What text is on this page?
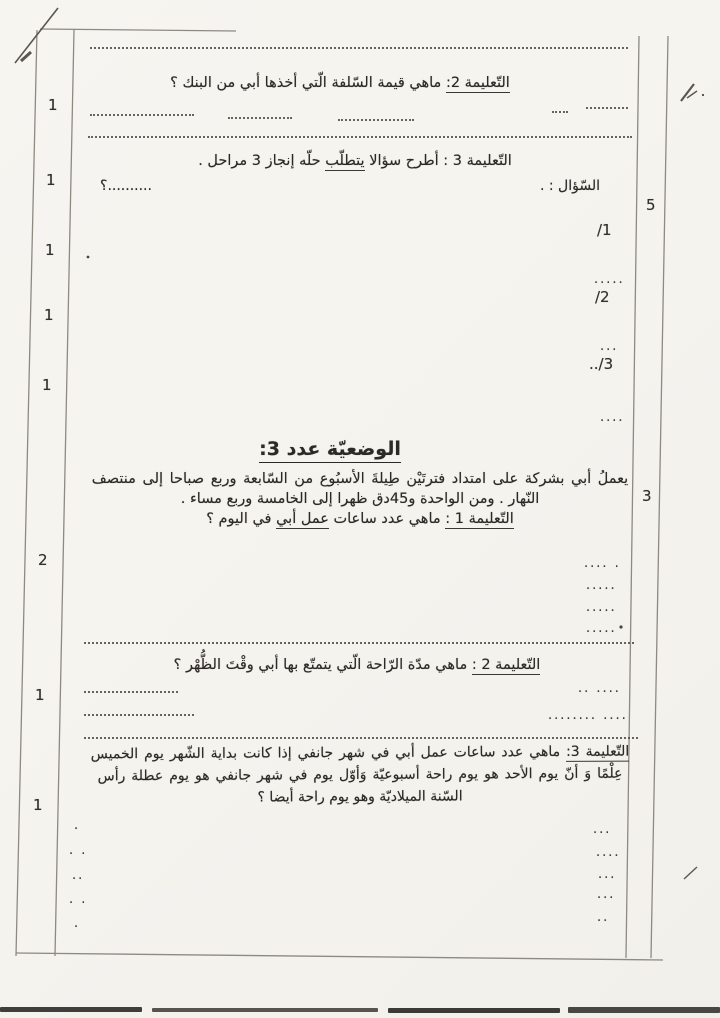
1
1
1
1
1
2
1
1
5
3
التّعليمة 2: ماهي قيمة السّلفة الّتي أخذها أبي من البنك ؟
التّعليمة 3 : أطرح سؤالا يتطلّب حلّه إنجاز 3 مراحل .
السّؤال : .
؟..........
/1
.....
/2
...
../3
....
الوضعيّة عدد 3:
يعملُ أبي بشركة على امتداد فترتَيْن طِيلةَ الأسبُوع من السّابعة وربع صباحا إلى منتصف
النّهار . ومن الواحدة و45دق ظهرا إلى الخامسة وربع مساء .
التّعليمة 1 : ماهي عدد ساعات عمل أبي في اليوم ؟
.... .
.....
.....
.....
التّعليمة 2 : ماهي مدّة الرّاحة الّتي يتمتّع بها أبي وقْتَ الظُّهْر ؟
.. ....
........ ....
التّعليمة 3: ماهي عدد ساعات عمل أبي في شهر جانفي إذا كانت بداية الشّهر يوم الخميس
عِلْمًا وَ أنّ يوم الأحد هو يوم راحة أسبوعيّة وَأوّل يوم في شهر جانفي هو يوم عطلة رأس
السّنة الميلاديّة وهو يوم راحة أيضا ؟
.
. .
..
. .
.
...
....
...
...
..
